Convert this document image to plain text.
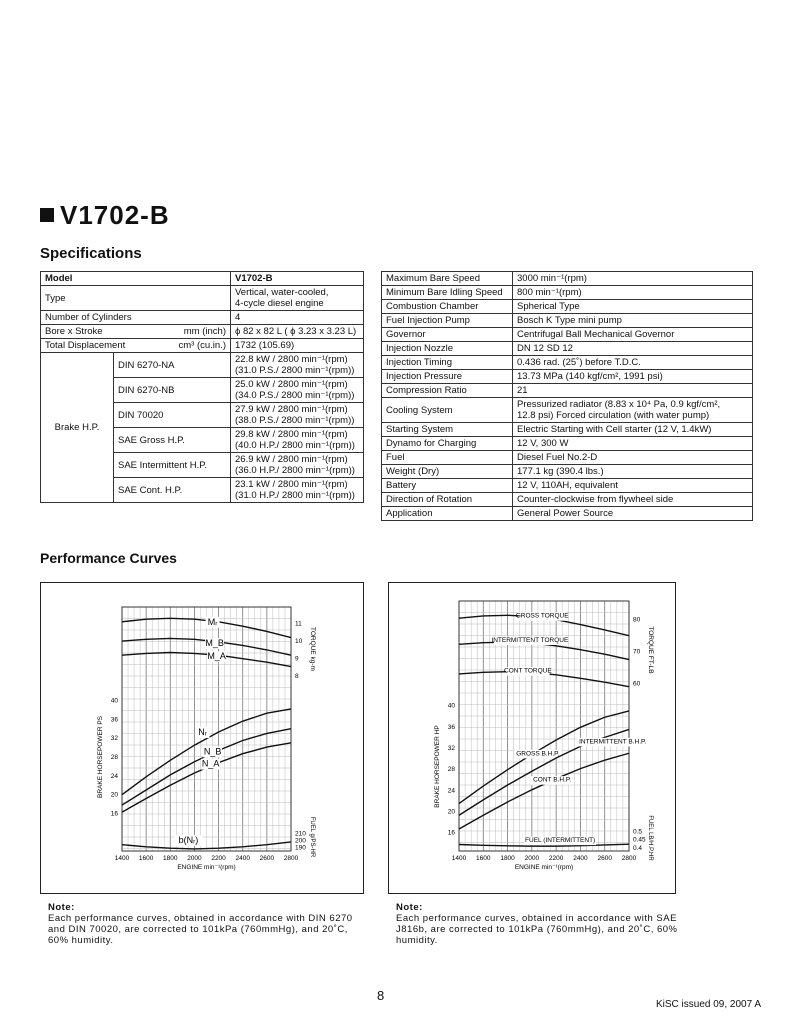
V1702-B
Specifications
Model		V1702-B
Type		Vertical, water-cooled,
4-cycle diesel engine

Number of Cylinders		4
Bore x Stroke mm (inch)		ϕ 82 x 82 L ( ϕ 3.23 x 3.23 L)
Total Displacement cm³ (cu.in.)		1732 (105.69)
Brake H.P.	DIN 6270-NA	22.8 kW / 2800 min⁻¹(rpm)
(31.0 P.S./ 2800 min⁻¹(rpm))

	DIN 6270-NB	25.0 kW / 2800 min⁻¹(rpm)
(34.0 P.S./ 2800 min⁻¹(rpm))

	DIN 70020	27.9 kW / 2800 min⁻¹(rpm)
(38.0 P.S./ 2800 min⁻¹(rpm))

	SAE Gross H.P.	29.8 kW / 2800 min⁻¹(rpm)
(40.0 H.P./ 2800 min⁻¹(rpm))

	SAE Intermittent H.P.	26.9 kW / 2800 min⁻¹(rpm)
(36.0 H.P./ 2800 min⁻¹(rpm))

	SAE Cont. H.P.	23.1 kW / 2800 min⁻¹(rpm)
(31.0 H.P./ 2800 min⁻¹(rpm))
Maximum Bare Speed	3000 min⁻¹(rpm)
Minimum Bare Idling Speed	800 min⁻¹(rpm)
Combustion Chamber	Spherical Type
Fuel Injection Pump	Bosch K Type mini pump
Governor	Centrifugal Ball Mechanical Governor
Injection Nozzle	DN 12 SD 12
Injection Timing	0.436 rad. (25˚) before T.D.C.
Injection Pressure	13.73 MPa (140 kgf/cm², 1991 psi)
Compression Ratio	21
Cooling System	Pressurized radiator (8.83 x 10⁴ Pa, 0.9 kgf/cm²,
12.8 psi) Forced circulation (with water pump)

Starting System	Electric Starting with Cell starter (12 V, 1.4kW)
Dynamo for Charging	12 V, 300 W
Fuel	Diesel Fuel No.2-D
Weight (Dry)	177.1 kg (390.4 lbs.)
Battery	12 V, 110AH, equivalent
Direction of Rotation	Counter-clockwise from flywheel side
Application	General Power Source
Performance Curves
1400 1600 1800 2000 2200 2400 2600 2800
ENGINE min⁻¹(rpm)
16
20
24
28
32
36
40
BRAKE HORSEPOWER PS
8
9
10
11
TORQUE kg-m
210
200
190 FUEL g/PS-HR
Mᵣ
M_B
M_A
Nᵣ
N_B
N_A
b(Nᵣ)
1400 1600 1800 2000 2200 2400 2600 2800
ENGINE min⁻¹(rpm)
16
20
24
28
32
36
40
BRAKE HORSEPOWER HP
60
70
80
TORQUE FT-LB
0.5
0.45
0.4 FUEL LB/H.P.HR
GROSS TORQUE
INTERMITTENT TORQUE
CONT TORQUE
GROSS B.H.P.
INTERMITTENT B.H.P.
CONT B.H.P.
FUEL (INTERMITTENT)
Note:
Each performance curves, obtained in accordance with DIN 6270 and DIN 70020, are corrected to 101kPa (760mmHg), and 20˚C, 60% humidity.
Note:
Each performance curves, obtained in accordance with SAE J816b, are corrected to 101kPa (760mmHg), and 20˚C, 60% humidity.
8
KiSC issued 09, 2007 A
